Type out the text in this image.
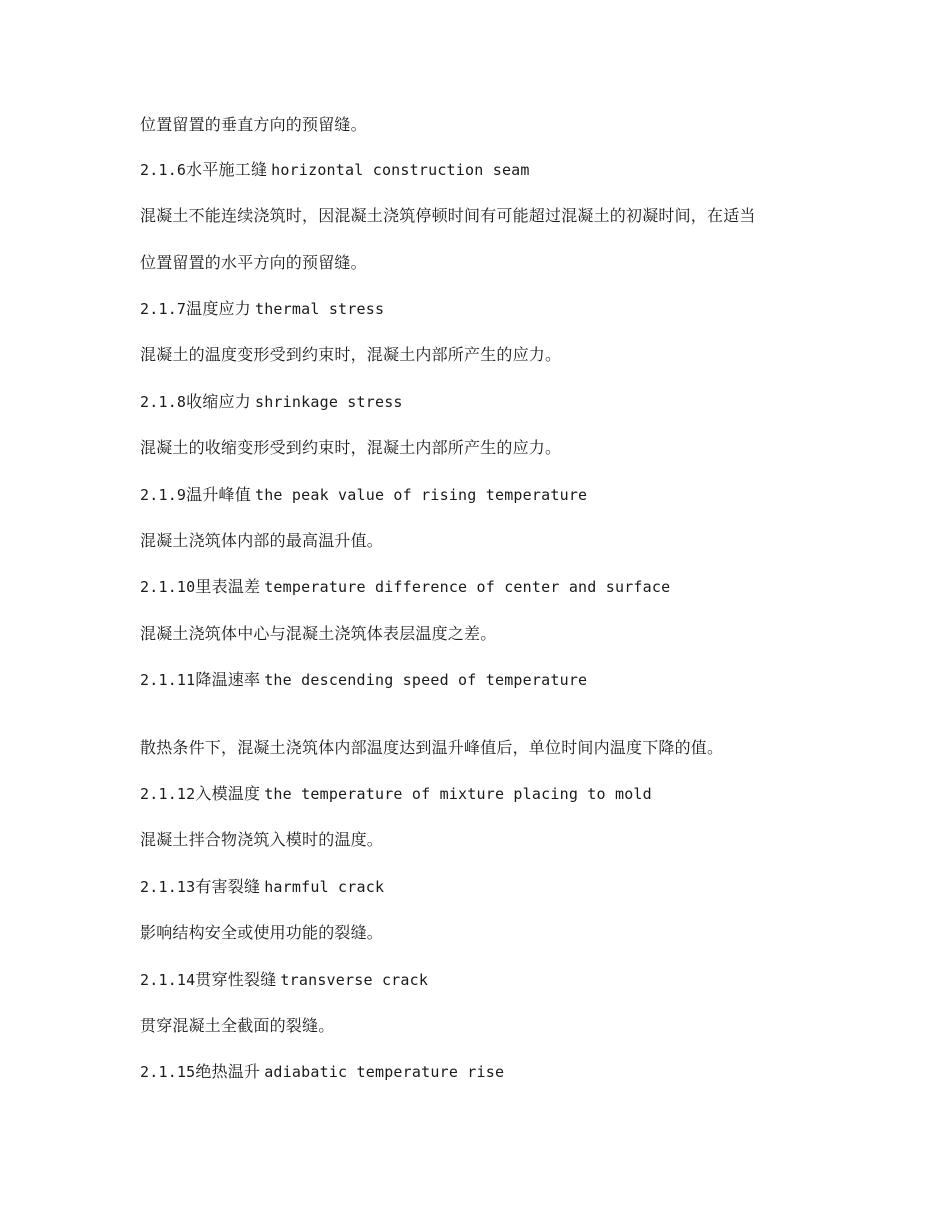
位置留置的垂直方向的预留缝。
2.1.6水平施工缝 horizontal construction seam
混凝土不能连续浇筑时，因混凝土浇筑停顿时间有可能超过混凝土的初凝时间，在适当
位置留置的水平方向的预留缝。
2.1.7温度应力 thermal stress
混凝土的温度变形受到约束时，混凝土内部所产生的应力。
2.1.8收缩应力 shrinkage stress
混凝土的收缩变形受到约束时，混凝土内部所产生的应力。
2.1.9温升峰值 the peak value of rising temperature
混凝土浇筑体内部的最高温升值。
2.1.10里表温差 temperature difference of center and surface
混凝土浇筑体中心与混凝土浇筑体表层温度之差。
2.1.11降温速率 the descending speed of temperature
散热条件下，混凝土浇筑体内部温度达到温升峰值后，单位时间内温度下降的值。
2.1.12入模温度 the temperature of mixture placing to mold
混凝土拌合物浇筑入模时的温度。
2.1.13有害裂缝 harmful crack
影响结构安全或使用功能的裂缝。
2.1.14贯穿性裂缝 transverse crack
贯穿混凝土全截面的裂缝。
2.1.15绝热温升 adiabatic temperature rise
